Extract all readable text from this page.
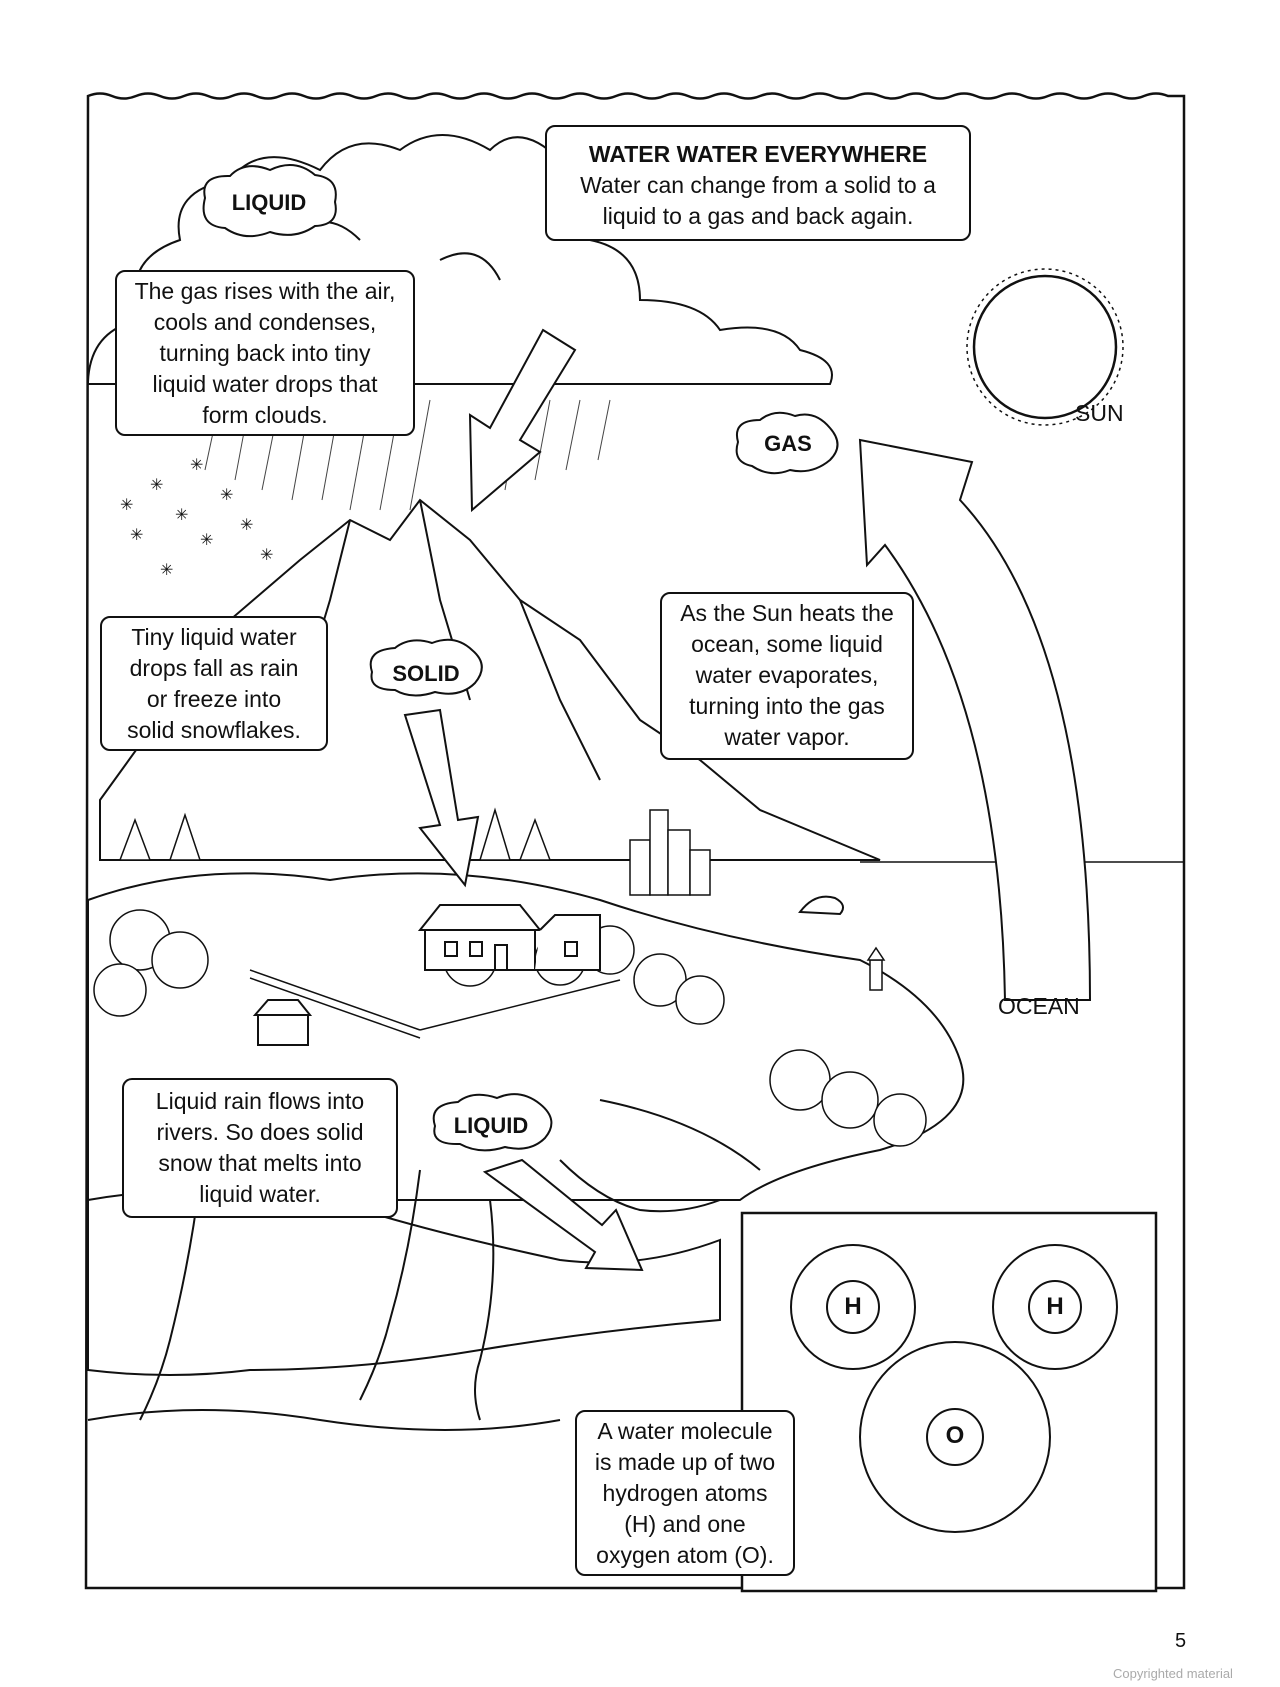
✳
✳
✳	✳
✳
✳
✳
✳
✳
✳
WATER WATER EVERYWHERE
Water can change from a solid to a
liquid to a gas and back again.
The gas rises with the air,
cools and condenses,
turning back into tiny
liquid water drops that
form clouds.
Tiny liquid water
drops fall as rain
or freeze into
solid snowflakes.
As the Sun heats the
ocean, some liquid
water evaporates,
turning into the gas
water vapor.
Liquid rain flows into
rivers. So does solid
snow that melts into
liquid water.
A water molecule
is made up of two
hydrogen atoms
(H) and one
oxygen atom (O).
LIQUID
GAS
SOLID
LIQUID
SUN
OCEAN
H	H
O
5
Copyrighted material
